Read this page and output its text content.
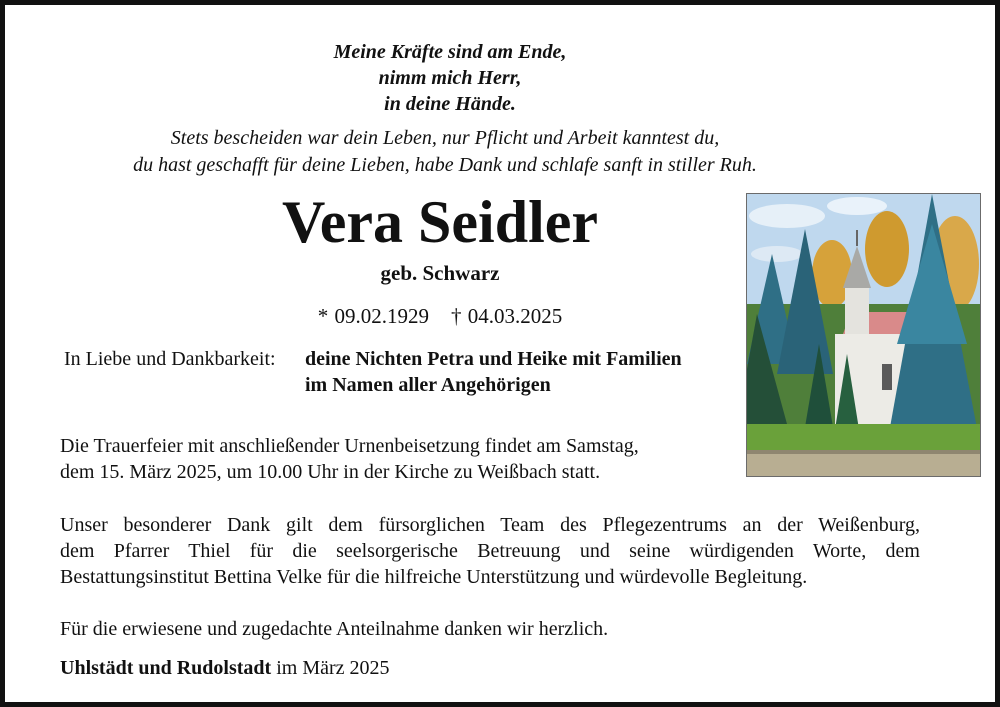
Meine Kräfte sind am Ende,
nimm mich Herr,
in deine Hände.
Stets bescheiden war dein Leben, nur Pflicht und Arbeit kanntest du,
du hast geschafft für deine Lieben, habe Dank und schlafe sanft in stiller Ruh.
Vera Seidler
geb. Schwarz
* 09.02.1929 † 04.03.2025
In Liebe und Dankbarkeit: deine Nichten Petra und Heike mit Familien
im Namen aller Angehörigen
Die Trauerfeier mit anschließender Urnenbeisetzung findet am Samstag,
dem 15. März 2025, um 10.00 Uhr in der Kirche zu Weißbach statt.
Unser besonderer Dank gilt dem fürsorglichen Team des Pflegezentrums an der Weißenburg,
dem Pfarrer Thiel für die seelsorgerische Betreuung und seine würdigenden Worte, dem
Bestattungsinstitut Bettina Velke für die hilfreiche Unterstützung und würdevolle Begleitung.
Für die erwiesene und zugedachte Anteilnahme danken wir herzlich.
Uhlstädt und Rudolstadt im März 2025
